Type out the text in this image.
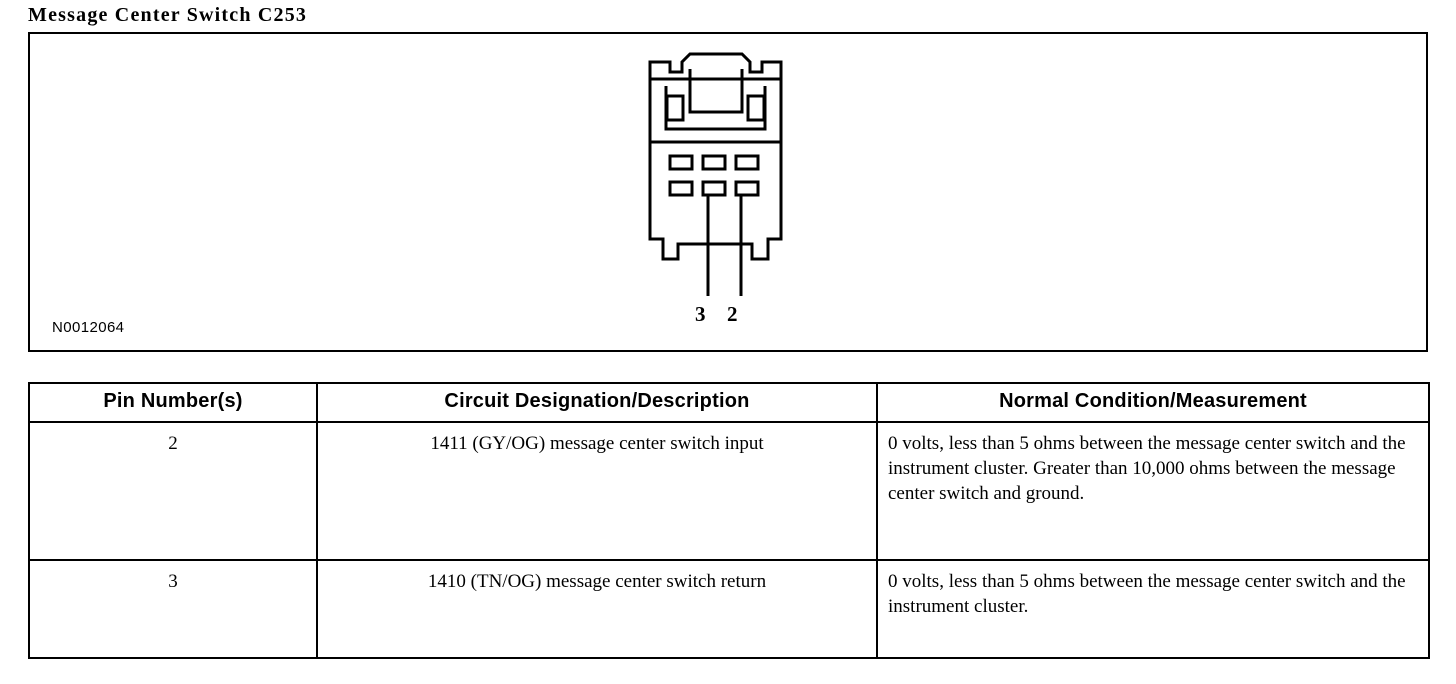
Message Center Switch C253
3 2
N0012064
Pin Number(s)	Circuit Designation/Description	Normal Condition/Measurement
2	1411 (GY/OG) message center switch input	0 volts, less than 5 ohms between the message center switch and the instrument cluster. Greater than 10,000 ohms between the message center switch and ground.
3	1410 (TN/OG) message center switch return	0 volts, less than 5 ohms between the message center switch and the instrument cluster.
